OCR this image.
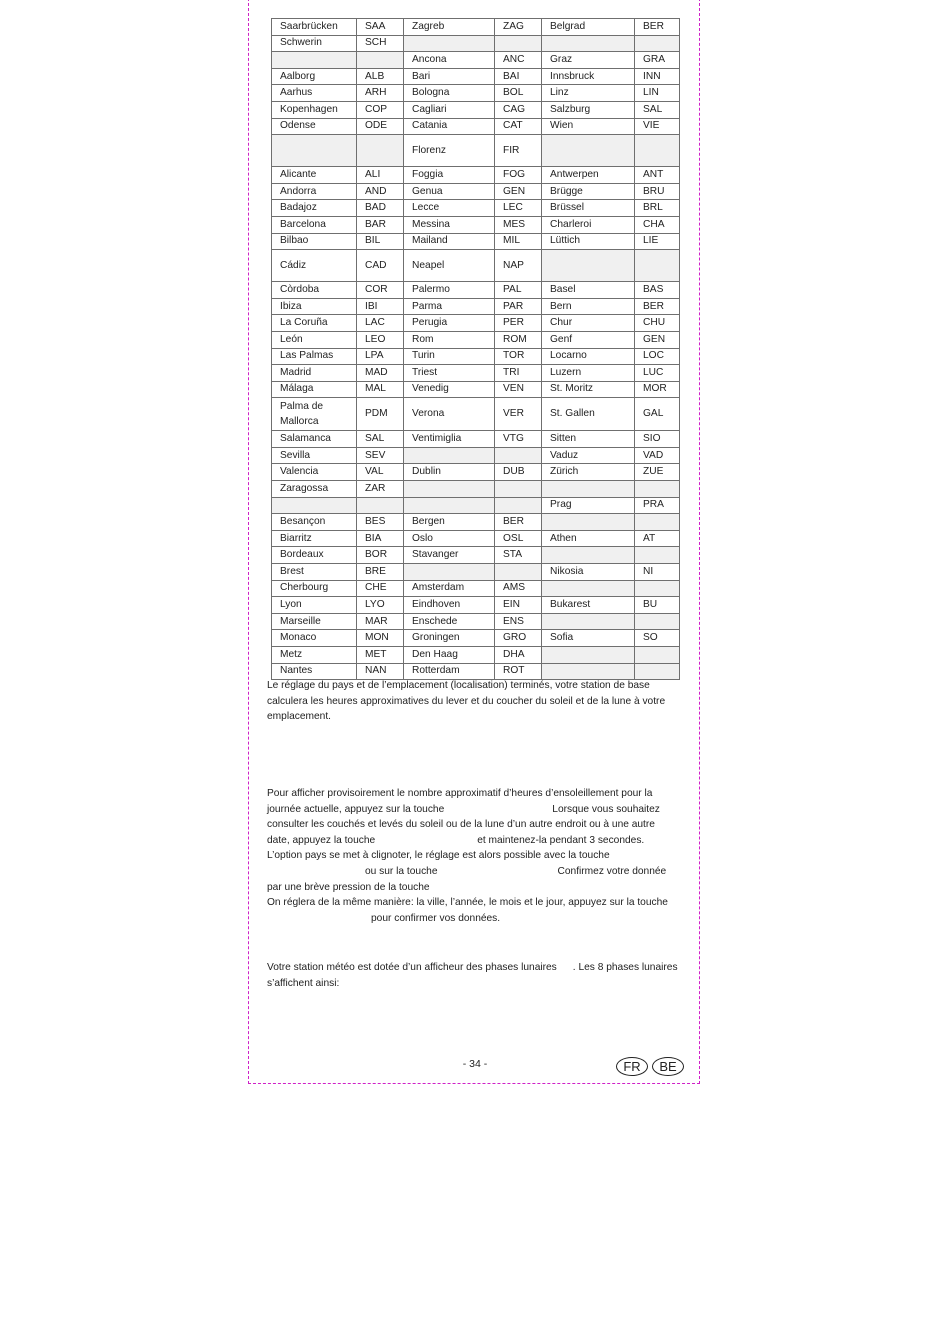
Saarbrücken	SAA	Zagreb	ZAG	Belgrad	BER
Schwerin	SCH				
		Ancona	ANC	Graz	GRA
Aalborg	ALB	Bari	BAI	Innsbruck	INN
Aarhus	ARH	Bologna	BOL	Linz	LIN
Kopenhagen	COP	Cagliari	CAG	Salzburg	SAL
Odense	ODE	Catania	CAT	Wien	VIE
		Florenz	FIR		
Alicante	ALI	Foggia	FOG	Antwerpen	ANT
Andorra	AND	Genua	GEN	Brügge	BRU
Badajoz	BAD	Lecce	LEC	Brüssel	BRL
Barcelona	BAR	Messina	MES	Charleroi	CHA
Bilbao	BIL	Mailand	MIL	Lüttich	LIE
Cádiz	CAD	Neapel	NAP		
Còrdoba	COR	Palermo	PAL	Basel	BAS
Ibiza	IBI	Parma	PAR	Bern	BER
La Coruña	LAC	Perugia	PER	Chur	CHU
León	LEO	Rom	ROM	Genf	GEN
Las Palmas	LPA	Turin	TOR	Locarno	LOC
Madrid	MAD	Triest	TRI	Luzern	LUC
Málaga	MAL	Venedig	VEN	St. Moritz	MOR
Palma de Mallorca	PDM	Verona	VER	St. Gallen	GAL
Salamanca	SAL	Ventimiglia	VTG	Sitten	SIO
Sevilla	SEV			Vaduz	VAD
Valencia	VAL	Dublin	DUB	Zürich	ZUE
Zaragossa	ZAR				
				Prag	PRA
Besançon	BES	Bergen	BER		
Biarritz	BIA	Oslo	OSL	Athen	AT
Bordeaux	BOR	Stavanger	STA		
Brest	BRE			Nikosia	NI
Cherbourg	CHE	Amsterdam	AMS		
Lyon	LYO	Eindhoven	EIN	Bukarest	BU
Marseille	MAR	Enschede	ENS		
Monaco	MON	Groningen	GRO	Sofia	SO
Metz	MET	Den Haag	DHA		
Nantes	NAN	Rotterdam	ROT		

Le réglage du pays et de l’emplacement (localisation) terminés, votre station de base calculera les heures approximatives du lever et du coucher du soleil et de la lune à votre emplacement.

Pour afficher provisoirement le nombre approximatif d’heures d’ensoleillement pour la journée actuelle, appuyez sur la touche	Lorsque vous souhaitez consulter les couchés et levés du soleil ou de la lune d’un autre endroit ou à une autre date, appuyez la touche	et maintenez-la pendant 3 secondes. L’option pays se met à clignoter, le réglage est alors possible avec la toucheou sur la touche	Confirmez votre donnée par une brève pression de la touche

On réglera de la même manière: la ville, l’année, le mois et le jour, appuyez sur la touchepour confirmer vos données.

Votre station météo est dotée d’un afficheur des phases lunaires . Les 8 phases lunaires s’affichent ainsi:

- 34 -	FR	BE
